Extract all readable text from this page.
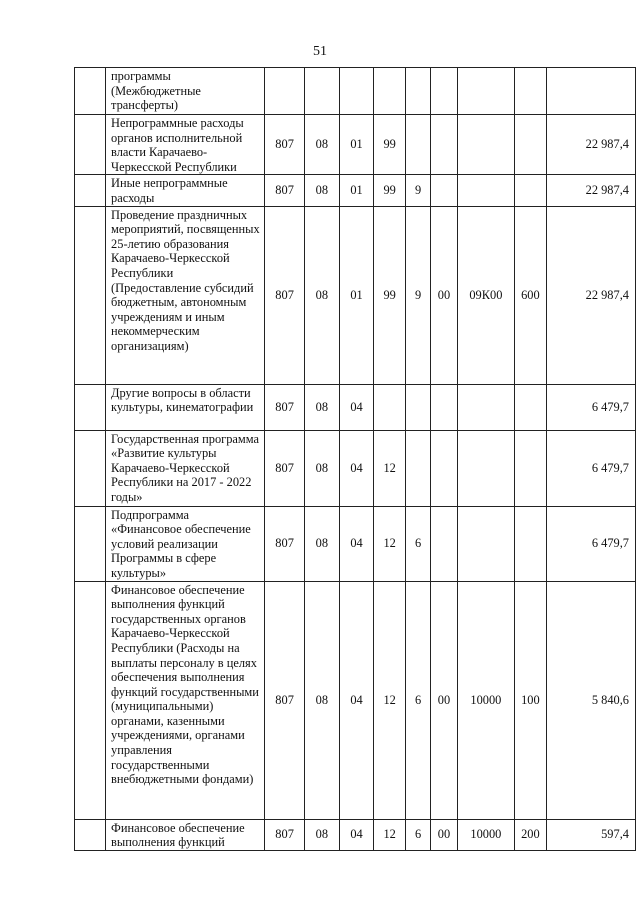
51
	программы (Межбюджетные трансферты)									
	Непрограммные расходы органов исполнительной власти Карачаево-Черкесской Республики	807	08	01	99					22 987,4
	Иные непрограммные расходы	807	08	01	99	9				22 987,4
	Проведение праздничных мероприятий, посвященных 25-летию образования Карачаево-Черкесской Республики (Предоставление субсидий бюджетным, автономным учреждениям и иным некоммерческим организациям)	807	08	01	99	9	00	09К00	600	22 987,4
	Другие вопросы в области культуры, кинематографии	807	08	04						6 479,7
	Государственная программа «Развитие культуры Карачаево-Черкесской Республики на 2017 - 2022 годы»	807	08	04	12					6 479,7
	Подпрограмма «Финансовое обеспечение условий реализации Программы в сфере культуры»	807	08	04	12	6				6 479,7
	Финансовое обеспечение выполнения функций государственных органов Карачаево-Черкесской Республики (Расходы на выплаты персоналу в целях обеспечения выполнения функций государственными (муниципальными) органами, казенными учреждениями, органами управления государственными внебюджетными фондами)	807	08	04	12	6	00	10000	100	5 840,6
	Финансовое обеспечение выполнения функций	807	08	04	12	6	00	10000	200	597,4
